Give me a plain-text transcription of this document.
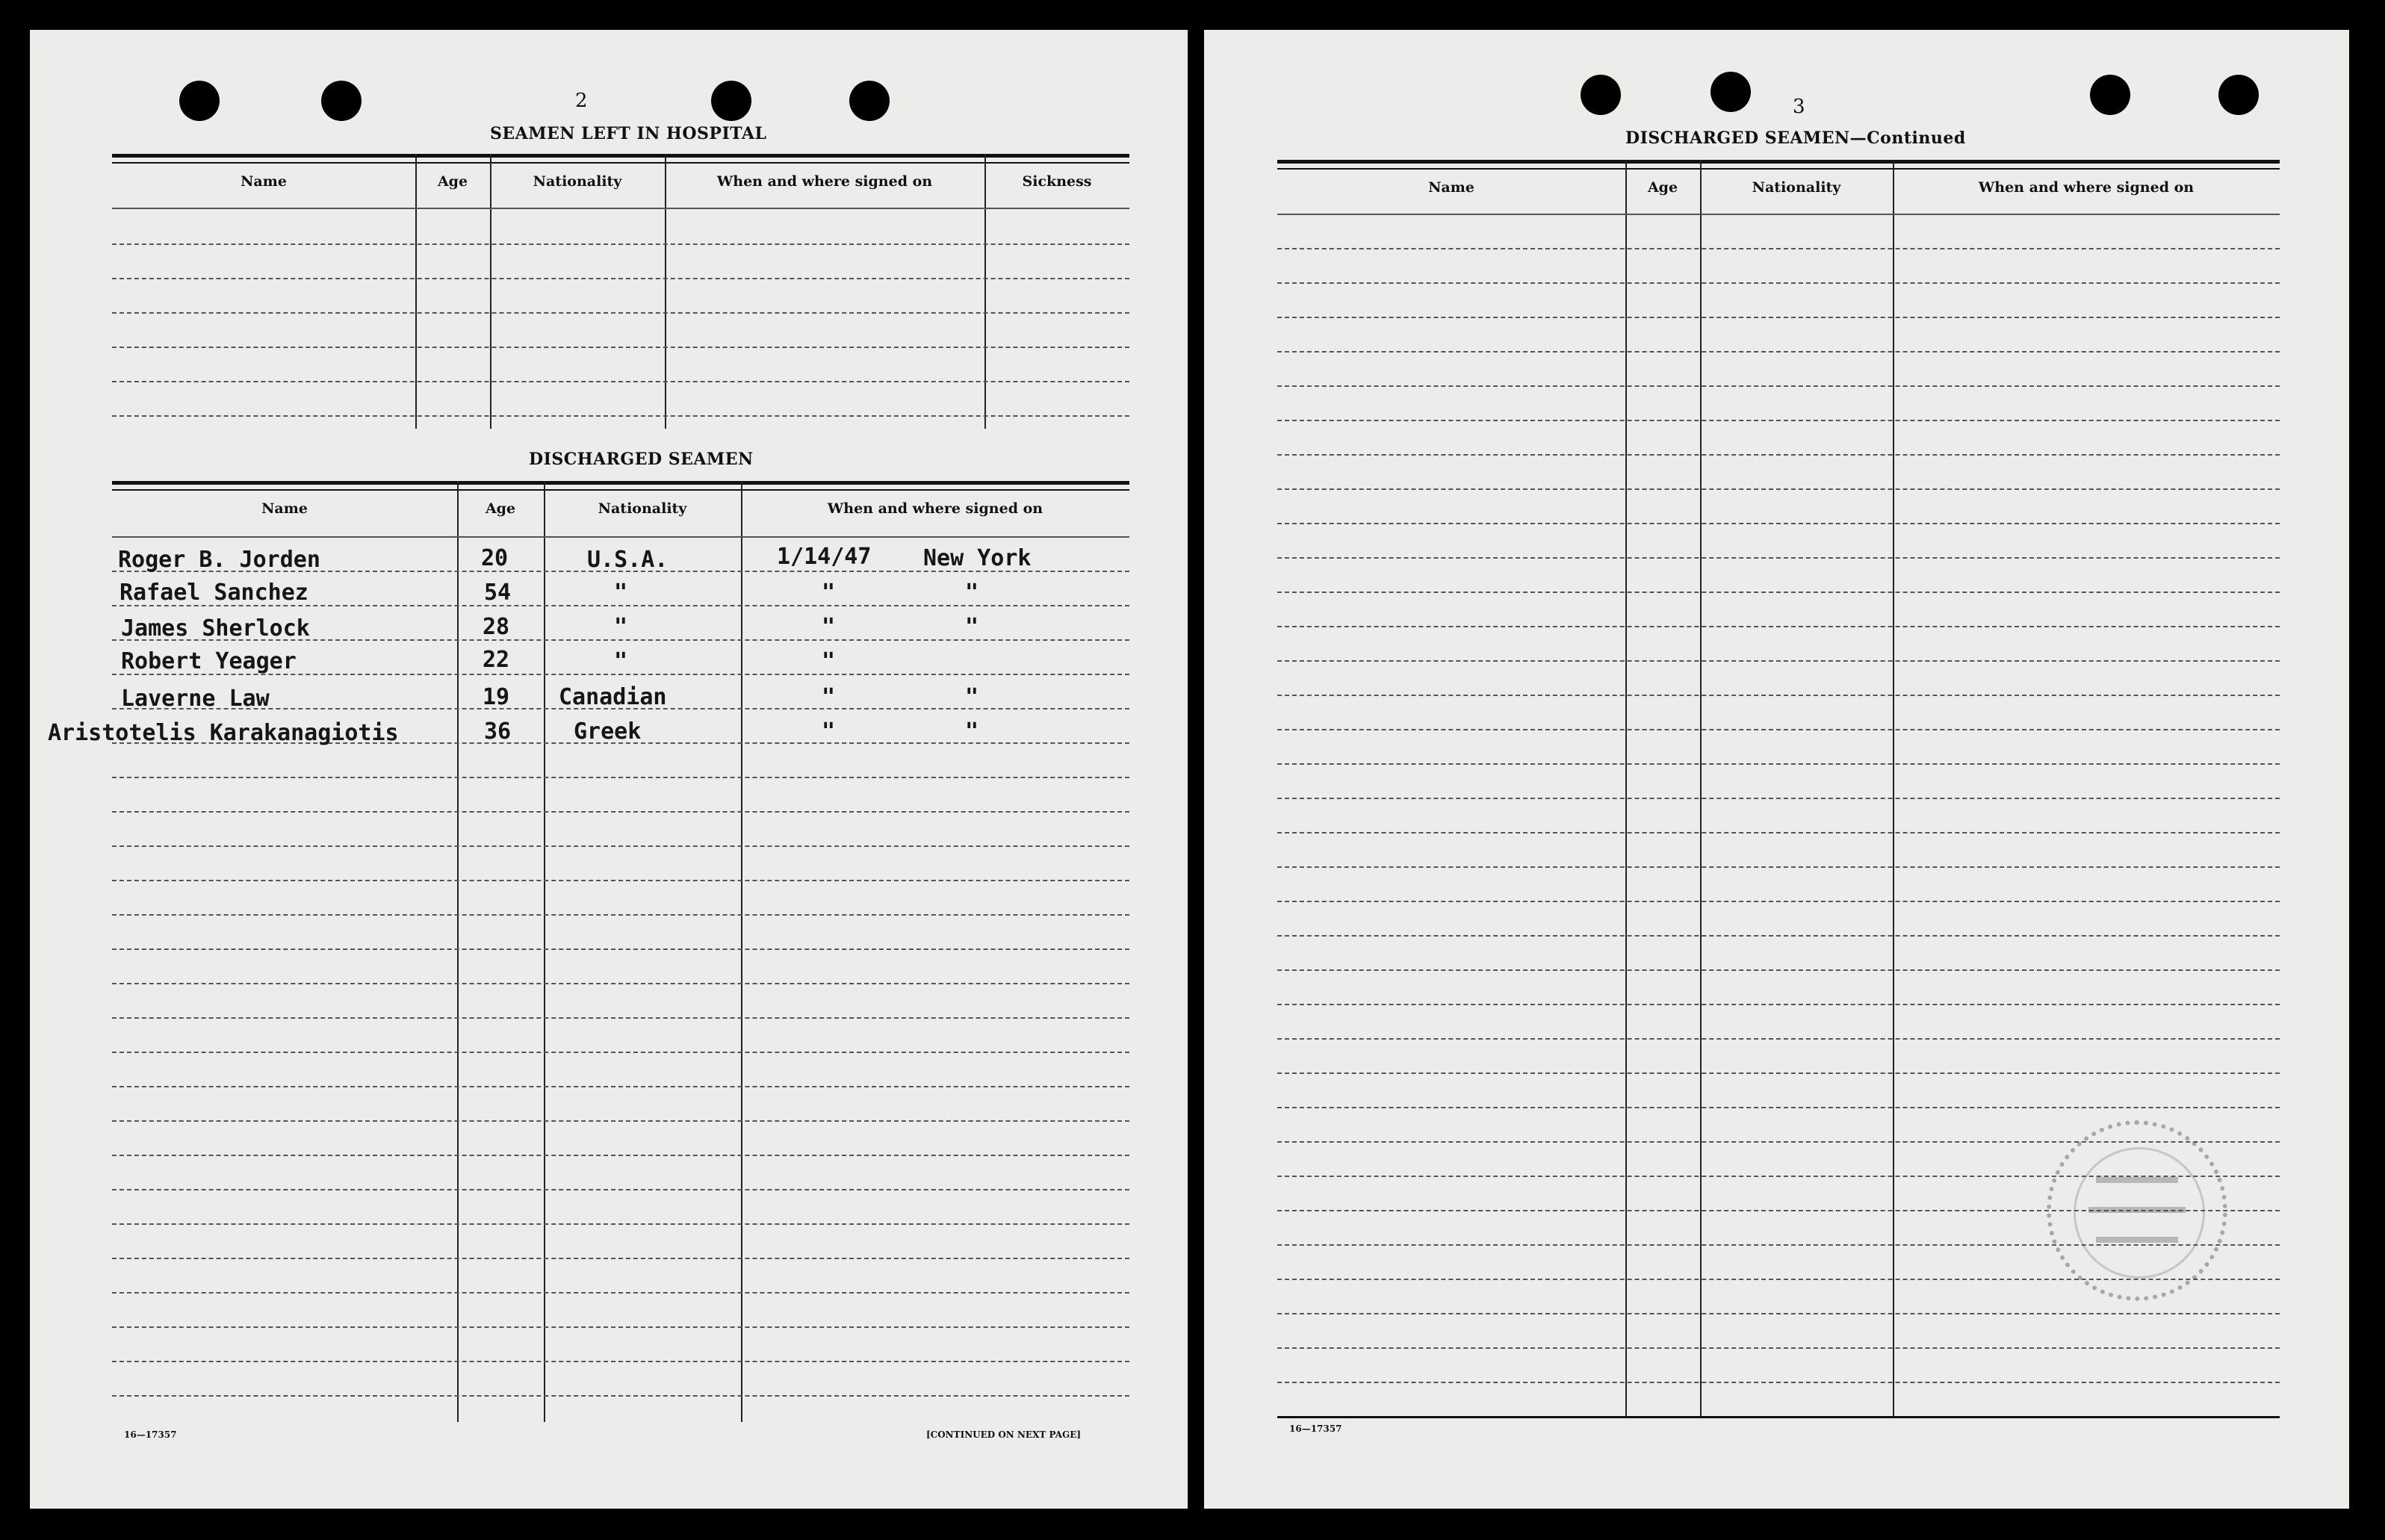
2
SEAMEN LEFT IN HOSPITAL
Name	Age	Nationality	When and where signed on	Sickness
DISCHARGED SEAMEN
Name	Age	Nationality	When and where signed on
Roger B. Jorden	20	U.S.A.	1/14/47 New York
Rafael Sanchez	54	"	"	"
James Sherlock	28	"	"	"
Robert Yeager	22	"	"
Laverne Law	19 Canadian	"	"
Aristotelis Karakanagiotis	36	Greek	"	"
16—17357	[CONTINUED ON NEXT PAGE]
3
DISCHARGED SEAMEN—Continued
Name	Age	Nationality	When and where signed on
16—17357
